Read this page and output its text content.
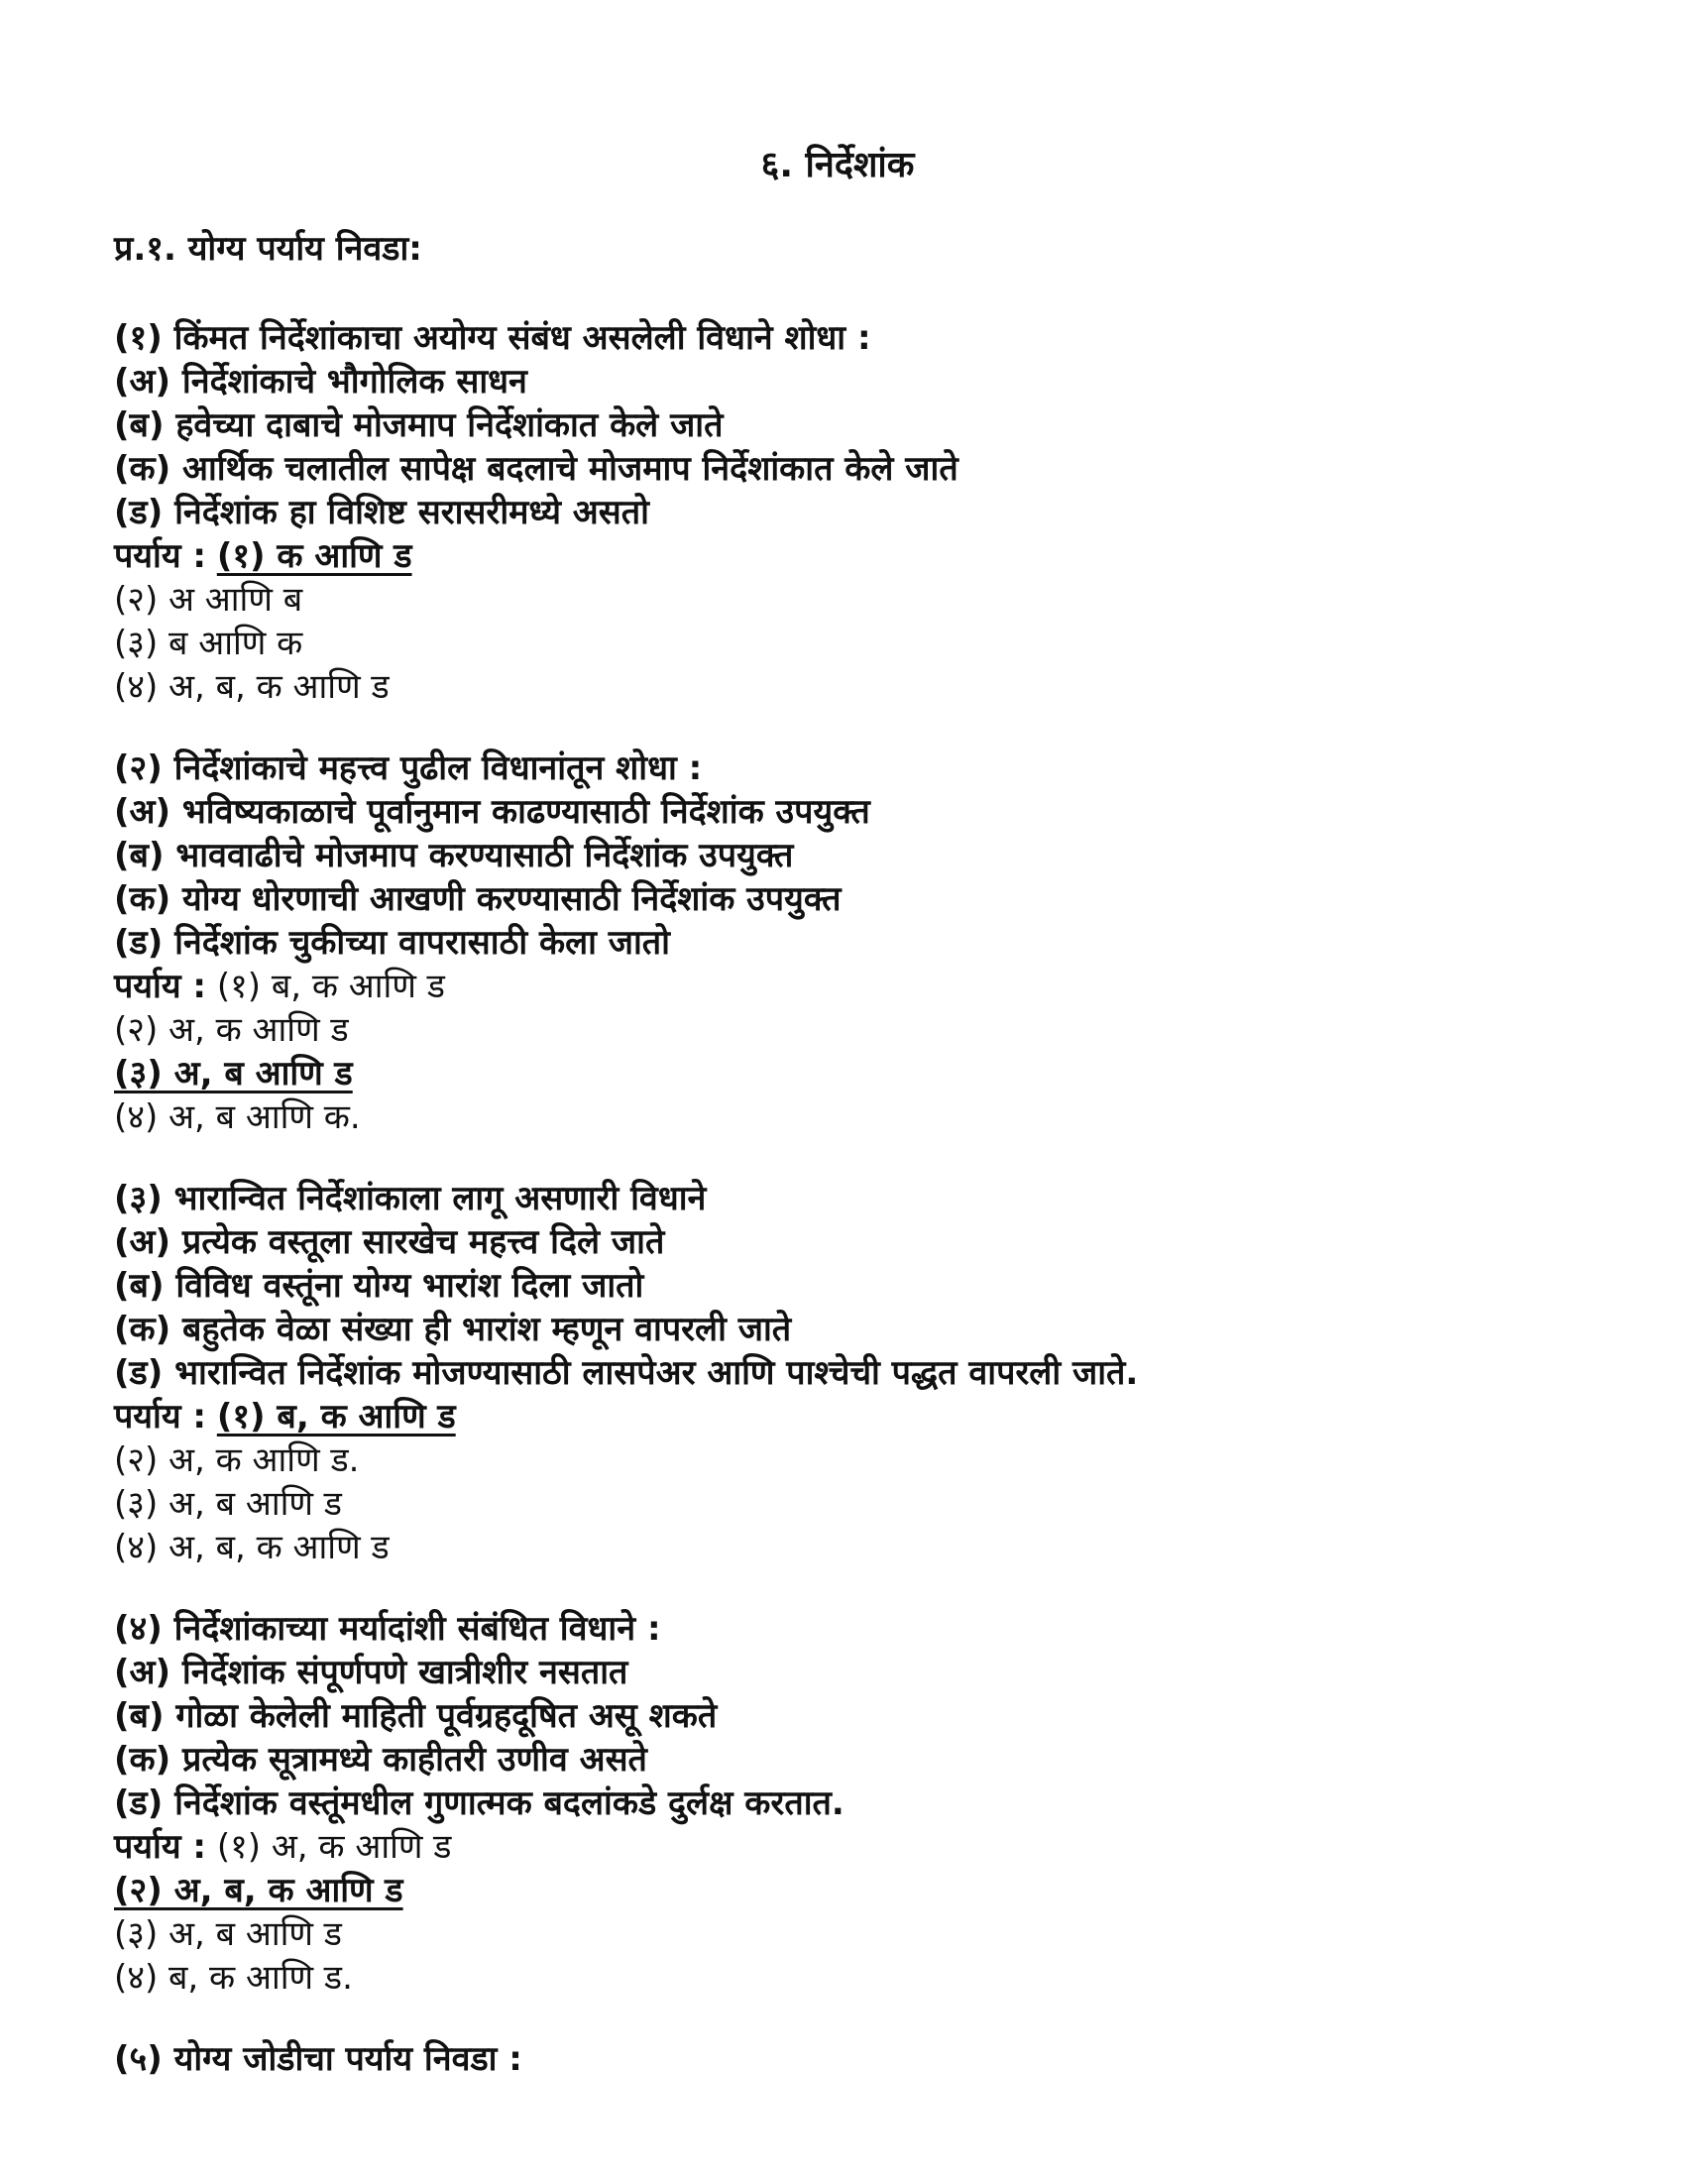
६. निर्देशांक
प्र.१. योग्य पर्याय निवडा:
(१) किंमत निर्देशांकाचा अयोग्य संबंध असलेली विधाने शोधा :
(अ) निर्देशांकाचे भौगोलिक साधन
(ब) हवेच्या दाबाचे मोजमाप निर्देशांकात केले जाते
(क) आर्थिक चलातील सापेक्ष बदलाचे मोजमाप निर्देशांकात केले जाते
(ड) निर्देशांक हा विशिष्ट सरासरीमध्ये असतो
पर्याय : (१) क आणि ड
(२) अ आणि ब
(३) ब आणि क
(४) अ, ब, क आणि ड
(२) निर्देशांकाचे महत्त्व पुढील विधानांतून शोधा :
(अ) भविष्यकाळाचे पूर्वानुमान काढण्यासाठी निर्देशांक उपयुक्त
(ब) भाववाढीचे मोजमाप करण्यासाठी निर्देशांक उपयुक्त
(क) योग्य धोरणाची आखणी करण्यासाठी निर्देशांक उपयुक्त
(ड) निर्देशांक चुकीच्या वापरासाठी केला जातो
पर्याय : (१) ब, क आणि ड
(२) अ, क आणि ड
(३) अ, ब आणि ड
(४) अ, ब आणि क.
(३) भारान्वित निर्देशांकाला लागू असणारी विधाने
(अ) प्रत्येक वस्तूला सारखेच महत्त्व दिले जाते
(ब) विविध वस्तूंना योग्य भारांश दिला जातो
(क) बहुतेक वेळा संख्या ही भारांश म्हणून वापरली जाते
(ड) भारान्वित निर्देशांक मोजण्यासाठी लासपेअर आणि पाश्चेची पद्धत वापरली जाते.
पर्याय : (१) ब, क आणि ड
(२) अ, क आणि ड.
(३) अ, ब आणि ड
(४) अ, ब, क आणि ड
(४) निर्देशांकाच्या मर्यादांशी संबंधित विधाने :
(अ) निर्देशांक संपूर्णपणे खात्रीशीर नसतात
(ब) गोळा केलेली माहिती पूर्वग्रहदूषित असू शकते
(क) प्रत्येक सूत्रामध्ये काहीतरी उणीव असते
(ड) निर्देशांक वस्तूंमधील गुणात्मक बदलांकडे दुर्लक्ष करतात.
पर्याय : (१) अ, क आणि ड
(२) अ, ब, क आणि ड
(३) अ, ब आणि ड
(४) ब, क आणि ड.
(५) योग्य जोडीचा पर्याय निवडा :
